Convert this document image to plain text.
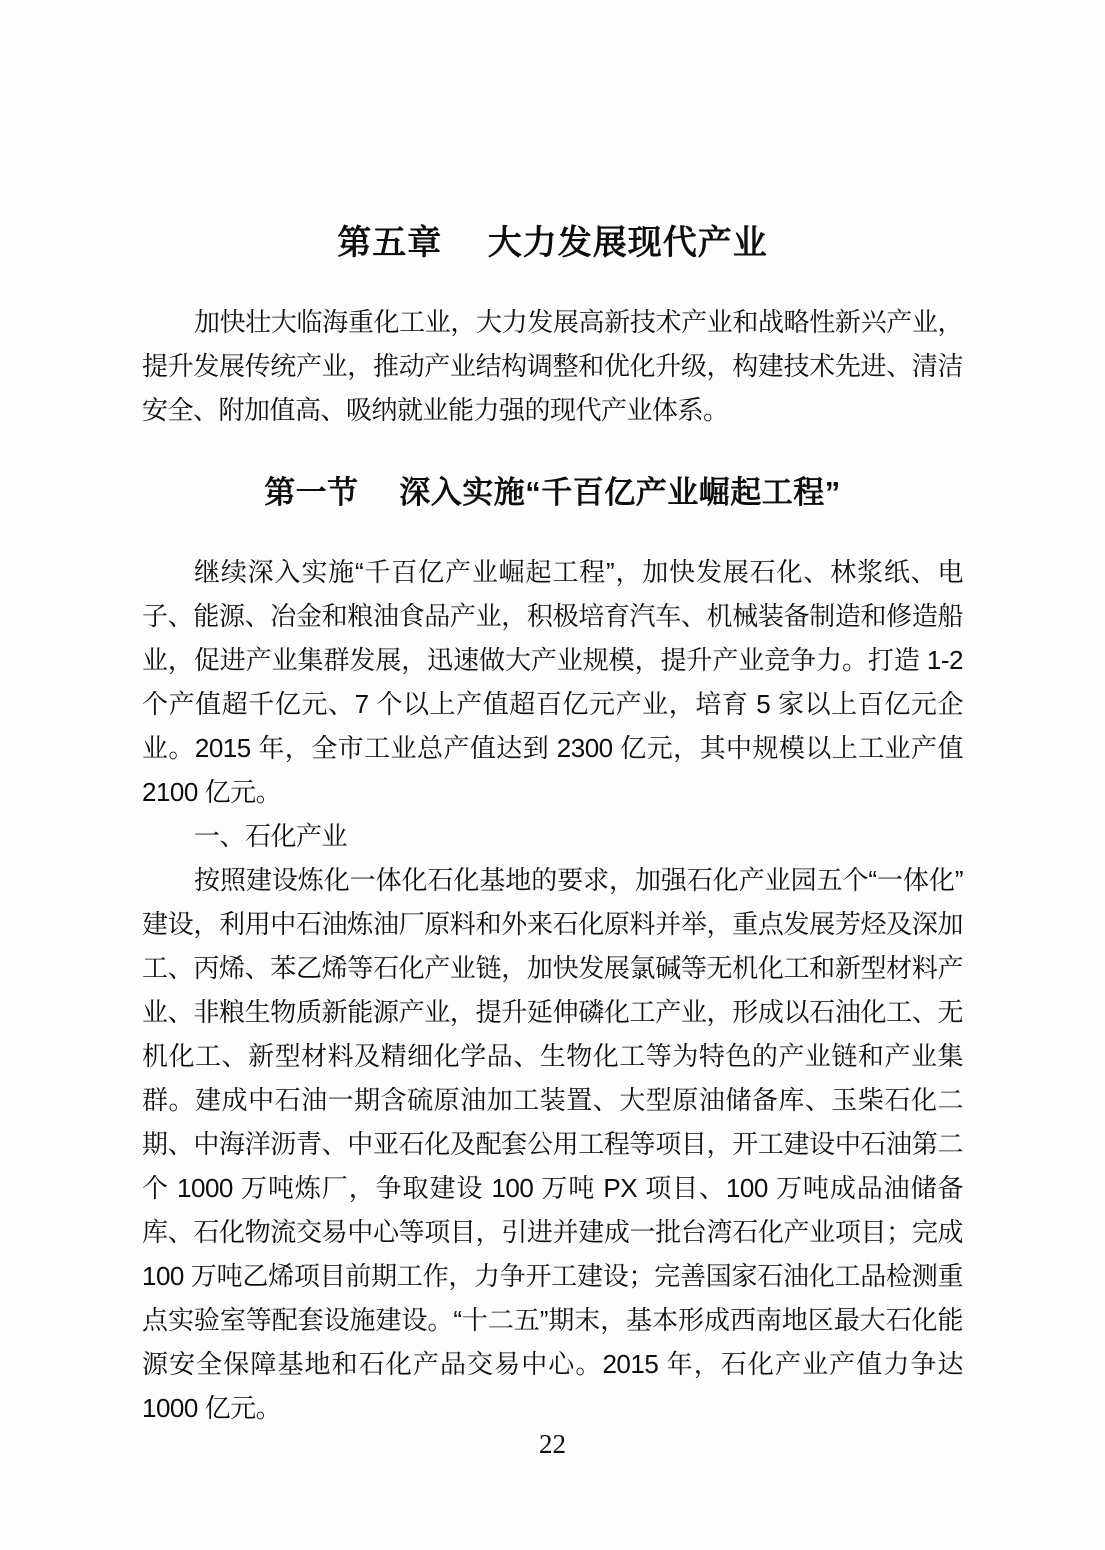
第五章　 大力发展现代产业

加快壮大临海重化工业，大力发展高新技术产业和战略性新兴产业，提升发展传统产业，推动产业结构调整和优化升级，构建技术先进、清洁安全、附加值高、吸纳就业能力强的现代产业体系。

第一节　 深入实施“千百亿产业崛起工程”

继续深入实施“千百亿产业崛起工程”，加快发展石化、林浆纸、电子、能源、冶金和粮油食品产业，积极培育汽车、机械装备制造和修造船业，促进产业集群发展，迅速做大产业规模，提升产业竞争力。打造 1-2 个产值超千亿元、7 个以上产值超百亿元产业，培育 5 家以上百亿元企业。2015 年，全市工业总产值达到 2300 亿元，其中规模以上工业产值 2100 亿元。

一、石化产业

按照建设炼化一体化石化基地的要求，加强石化产业园五个“一体化”建设，利用中石油炼油厂原料和外来石化原料并举，重点发展芳烃及深加工、丙烯、苯乙烯等石化产业链，加快发展氯碱等无机化工和新型材料产业、非粮生物质新能源产业，提升延伸磷化工产业，形成以石油化工、无机化工、新型材料及精细化学品、生物化工等为特色的产业链和产业集群。建成中石油一期含硫原油加工装置、大型原油储备库、玉柴石化二期、中海洋沥青、中亚石化及配套公用工程等项目，开工建设中石油第二个 1000 万吨炼厂，争取建设 100 万吨 PX 项目、100 万吨成品油储备库、石化物流交易中心等项目，引进并建成一批台湾石化产业项目；完成 100 万吨乙烯项目前期工作，力争开工建设；完善国家石油化工品检测重点实验室等配套设施建设。“十二五”期末，基本形成西南地区最大石化能源安全保障基地和石化产品交易中心。2015 年，石化产业产值力争达 1000 亿元。

22
